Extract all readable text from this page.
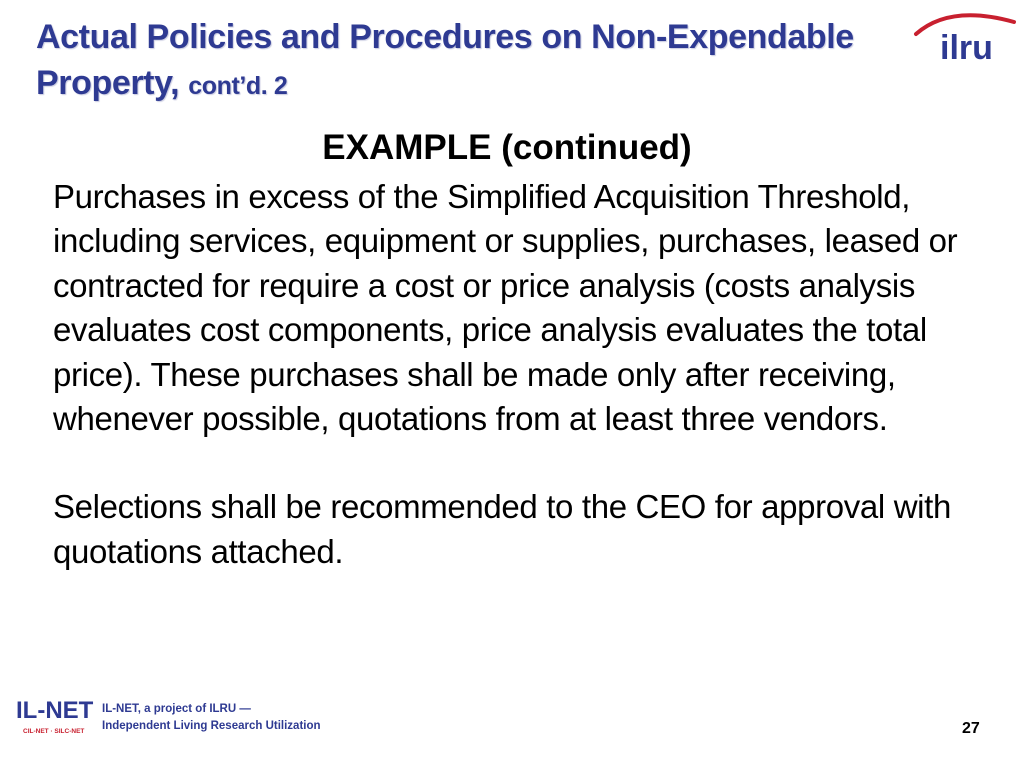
Actual Policies and Procedures on Non-Expendable Property, cont’d. 2
ilru
EXAMPLE (continued)

Purchases in excess of the Simplified Acquisition Threshold, including services, equipment or supplies, purchases, leased or contracted for require a cost or price analysis (costs analysis evaluates cost components, price analysis evaluates the total price). These purchases shall be made only after receiving, whenever possible, quotations from at least three vendors.

Selections shall be recommended to the CEO for approval with quotations attached.

IL-NET
CIL-NET · SILC-NET
IL-NET, a project of ILRU —
Independent Living Research Utilization	27
